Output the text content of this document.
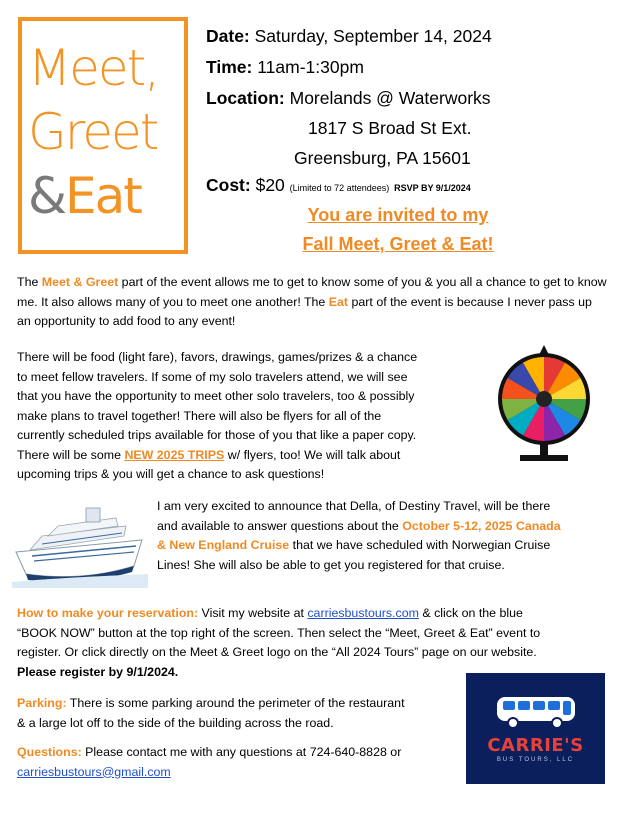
Meet,
Greet
&Eat
Date: Saturday, September 14, 2024
Time: 11am-1:30pm
Location: Morelands @ Waterworks
1817 S Broad St Ext.
Greensburg, PA 15601
Cost: $20 (Limited to 72 attendees) RSVP BY 9/1/2024
You are invited to my
Fall Meet, Greet & Eat!
The Meet & Greet part of the event allows me to get to know some of you & you all a chance to get to know me. It also allows many of you to meet one another! The Eat part of the event is because I never pass up an opportunity to add food to any event!
There will be food (light fare), favors, drawings, games/prizes & a chance
to meet fellow travelers. If some of my solo travelers attend, we will see
that you have the opportunity to meet other solo travelers, too & possibly
make plans to travel together! There will also be flyers for all of the
currently scheduled trips available for those of you that like a paper copy.
There will be some NEW 2025 TRIPS w/ flyers, too! We will talk about
upcoming trips & you will get a chance to ask questions!
I am very excited to announce that Della, of Destiny Travel, will be there
and available to answer questions about the October 5-12, 2025 Canada
& New England Cruise that we have scheduled with Norwegian Cruise
Lines! She will also be able to get you registered for that cruise.
How to make your reservation: Visit my website at carriesbustours.com & click on the blue
“BOOK NOW” button at the top right of the screen. Then select the “Meet, Greet & Eat” event to
register. Or click directly on the Meet & Greet logo on the “All 2024 Tours” page on our website.
Please register by 9/1/2024.
Parking: There is some parking around the perimeter of the restaurant
& a large lot off to the side of the building across the road.
Questions: Please contact me with any questions at 724-640-8828 or
carriesbustours@gmail.com
CARRIE'S
BUS TOURS, LLC
